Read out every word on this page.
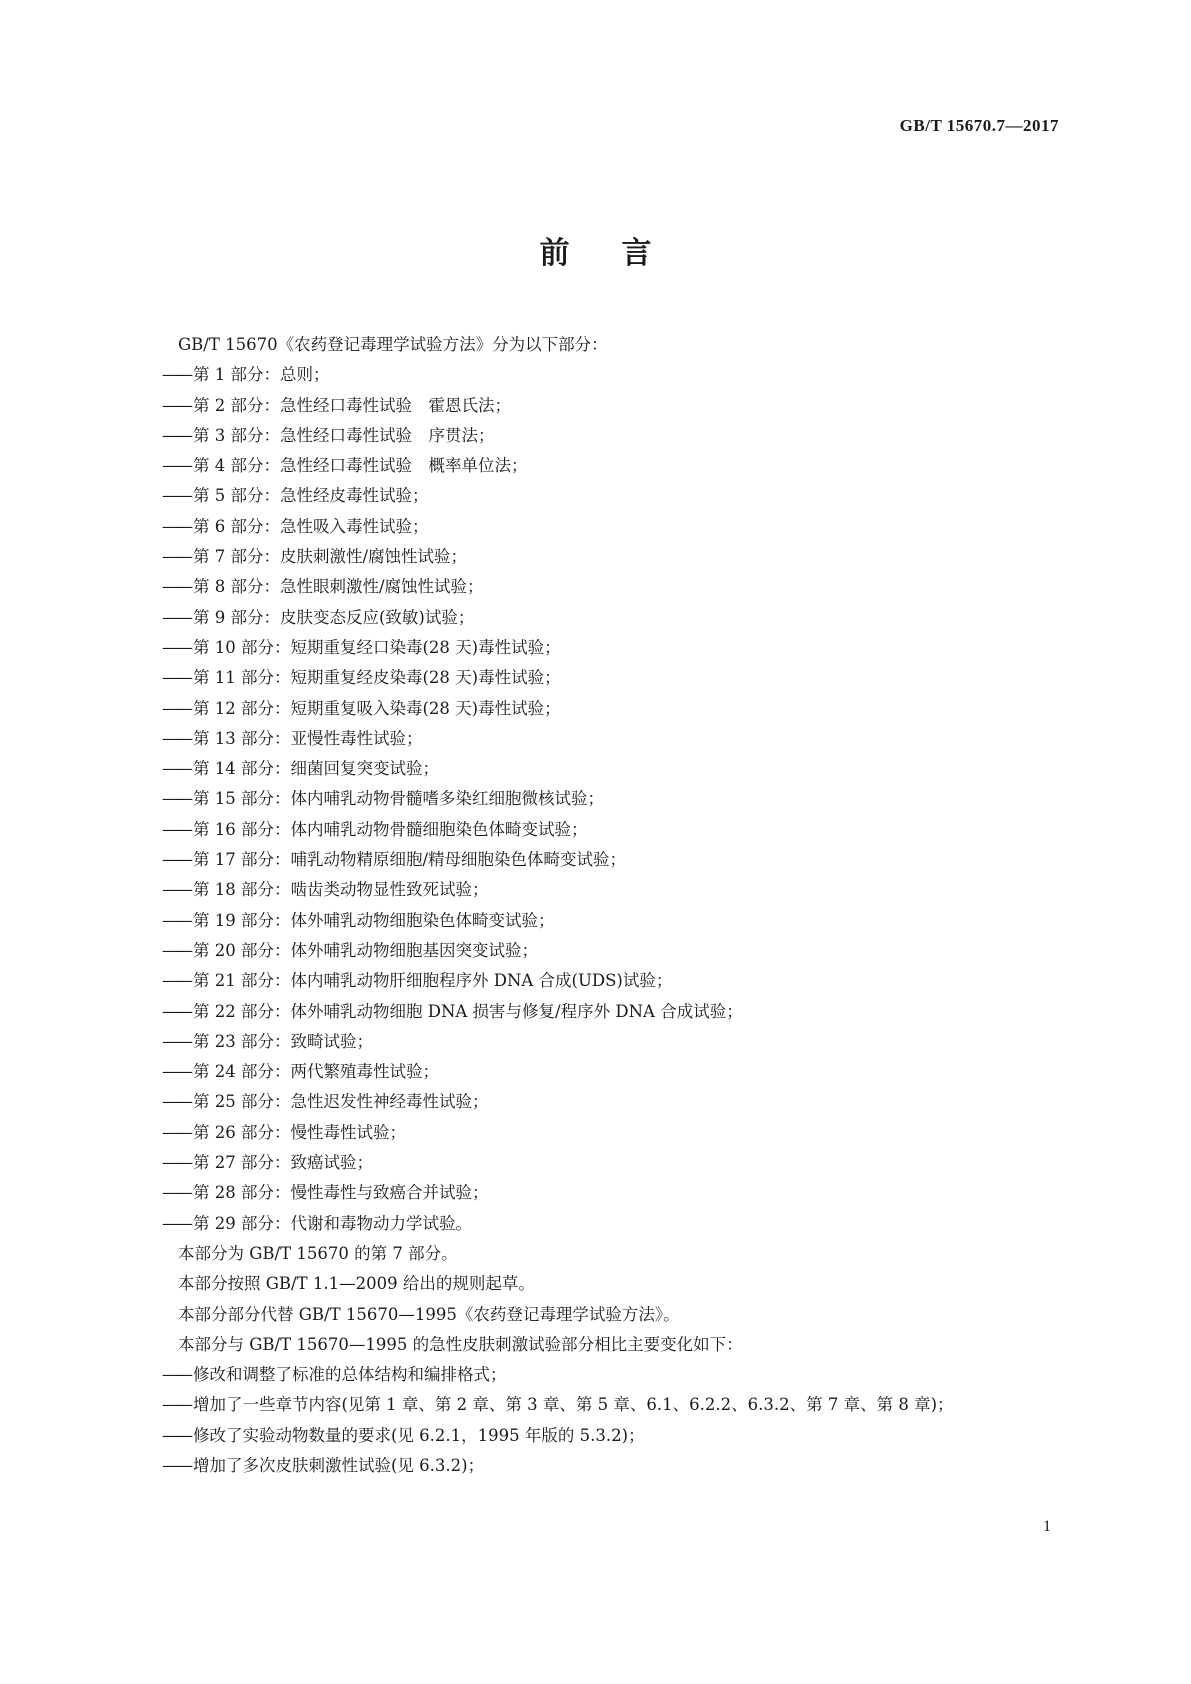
GB/T 15670.7—2017
前言
GB/T 15670《农药登记毒理学试验方法》分为以下部分：
—— 第 1 部分：总则；
—— 第 2 部分：急性经口毒性试验　霍恩氏法；
—— 第 3 部分：急性经口毒性试验　序贯法；
—— 第 4 部分：急性经口毒性试验　概率单位法；
—— 第 5 部分：急性经皮毒性试验；
—— 第 6 部分：急性吸入毒性试验；
—— 第 7 部分：皮肤刺激性/腐蚀性试验；
—— 第 8 部分：急性眼刺激性/腐蚀性试验；
—— 第 9 部分：皮肤变态反应(致敏)试验；
—— 第 10 部分：短期重复经口染毒(28 天)毒性试验；
—— 第 11 部分：短期重复经皮染毒(28 天)毒性试验；
—— 第 12 部分：短期重复吸入染毒(28 天)毒性试验；
—— 第 13 部分：亚慢性毒性试验；
—— 第 14 部分：细菌回复突变试验；
—— 第 15 部分：体内哺乳动物骨髓嗜多染红细胞微核试验；
—— 第 16 部分：体内哺乳动物骨髓细胞染色体畸变试验；
—— 第 17 部分：哺乳动物精原细胞/精母细胞染色体畸变试验；
—— 第 18 部分：啮齿类动物显性致死试验；
—— 第 19 部分：体外哺乳动物细胞染色体畸变试验；
—— 第 20 部分：体外哺乳动物细胞基因突变试验；
—— 第 21 部分：体内哺乳动物肝细胞程序外 DNA 合成(UDS)试验；
—— 第 22 部分：体外哺乳动物细胞 DNA 损害与修复/程序外 DNA 合成试验；
—— 第 23 部分：致畸试验；
—— 第 24 部分：两代繁殖毒性试验；
—— 第 25 部分：急性迟发性神经毒性试验；
—— 第 26 部分：慢性毒性试验；
—— 第 27 部分：致癌试验；
—— 第 28 部分：慢性毒性与致癌合并试验；
—— 第 29 部分：代谢和毒物动力学试验。
本部分为 GB/T 15670 的第 7 部分。
本部分按照 GB/T 1.1—2009 给出的规则起草。
本部分部分代替 GB/T 15670—1995《农药登记毒理学试验方法》。
本部分与 GB/T 15670—1995 的急性皮肤刺激试验部分相比主要变化如下：
—— 修改和调整了标准的总体结构和编排格式；
—— 增加了一些章节内容(见第 1 章、第 2 章、第 3 章、第 5 章、6.1、6.2.2、6.3.2、第 7 章、第 8 章)；
—— 修改了实验动物数量的要求(见 6.2.1，1995 年版的 5.3.2)；
—— 增加了多次皮肤刺激性试验(见 6.3.2)；
1
